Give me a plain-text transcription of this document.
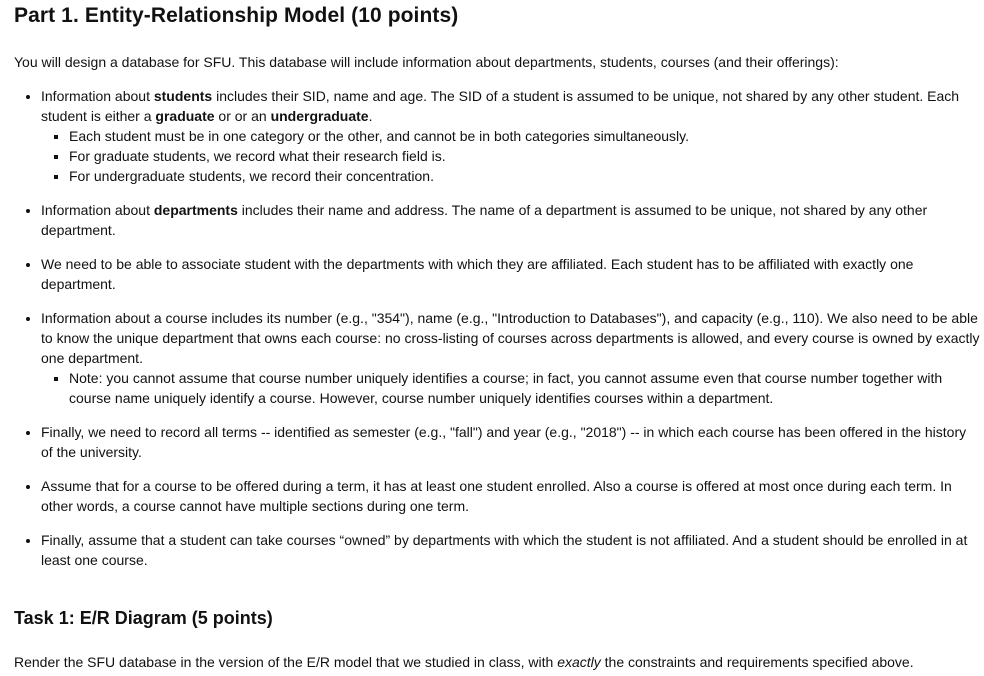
Part 1. Entity-Relationship Model (10 points)

You will design a database for SFU. This database will include information about departments, students, courses (and their offerings):

• Information about students includes their SID, name and age. The SID of a student is assumed to be unique, not shared by any other student. Each student is either a graduate or or an undergraduate.
▪ Each student must be in one category or the other, and cannot be in both categories simultaneously.
▪ For graduate students, we record what their research field is.
▪ For undergraduate students, we record their concentration.
• Information about departments includes their name and address. The name of a department is assumed to be unique, not shared by any other department.
• We need to be able to associate student with the departments with which they are affiliated. Each student has to be affiliated with exactly one department.
• Information about a course includes its number (e.g., "354"), name (e.g., "Introduction to Databases"), and capacity (e.g., 110). We also need to be able to know the unique department that owns each course: no cross-listing of courses across departments is allowed, and every course is owned by exactly one department.
▪ Note: you cannot assume that course number uniquely identifies a course; in fact, you cannot assume even that course number together with course name uniquely identify a course. However, course number uniquely identifies courses within a department.
• Finally, we need to record all terms -- identified as semester (e.g., "fall") and year (e.g., "2018") -- in which each course has been offered in the history of the university.
• Assume that for a course to be offered during a term, it has at least one student enrolled. Also a course is offered at most once during each term. In other words, a course cannot have multiple sections during one term.
• Finally, assume that a student can take courses “owned” by departments with which the student is not affiliated. And a student should be enrolled in at least one course.
Task 1: E/R Diagram (5 points)

Render the SFU database in the version of the E/R model that we studied in class, with exactly the constraints and requirements specified above.
